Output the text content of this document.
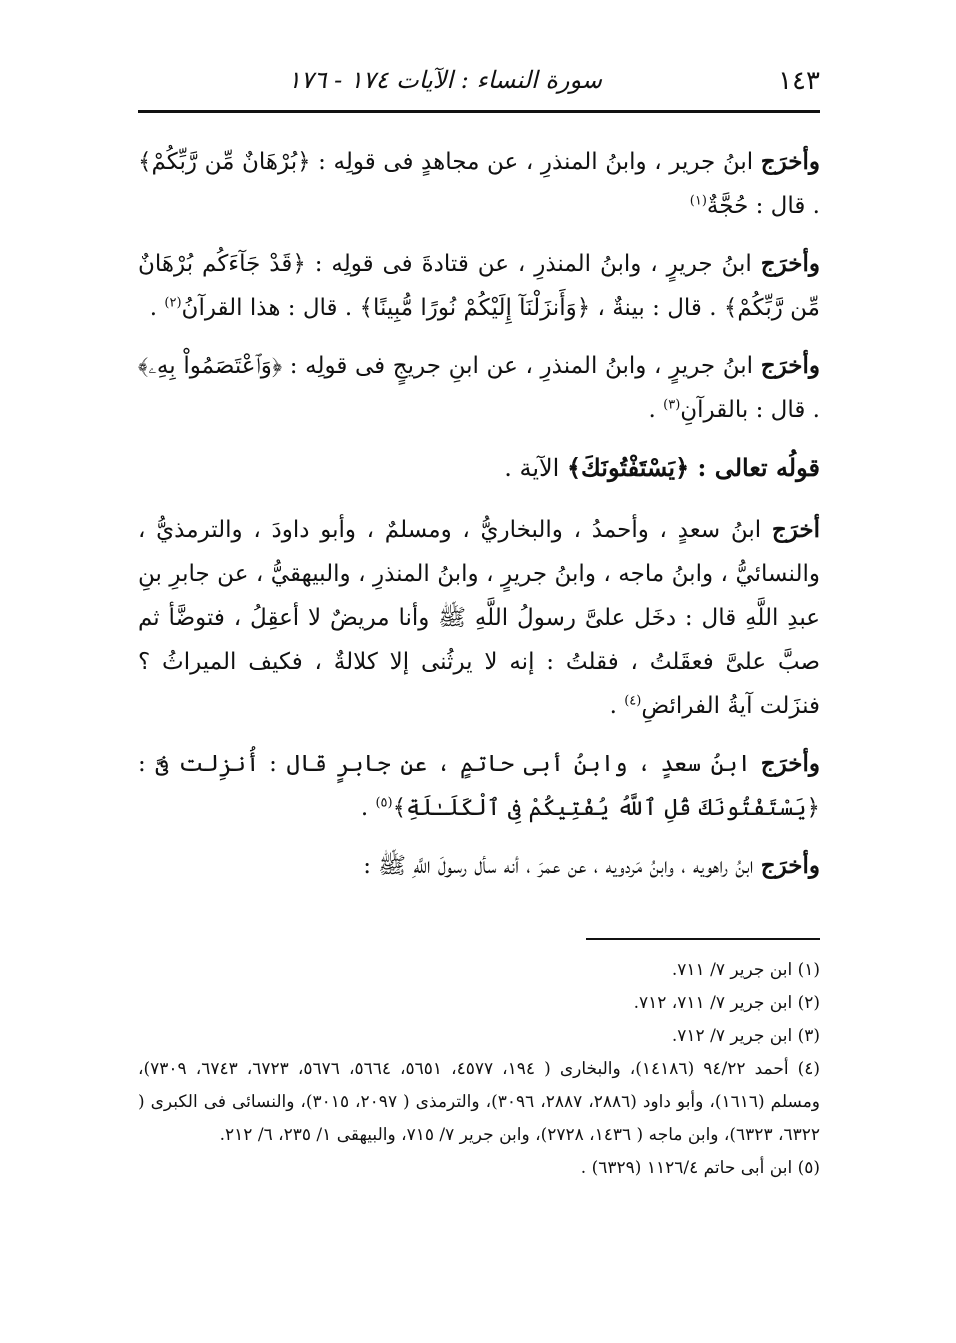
١٤٣
سورة النساء : الآيات ١٧٤ - ١٧٦

وأخرَج ابنُ جرير ، وابنُ المنذرِ ، عن مجاهدٍ فى قولِه : ﴿بُرْهَانٌ مِّن رَّبِّكُمْ﴾ . قال : حُجَّةٌ$^{(١)}$

وأخرَج ابنُ جريرٍ ، وابنُ المنذرِ ، عن قتادةَ فى قولِه : ﴿قَدْ جَآءَكُم بُرْهَانٌ مِّن رَّبِّكُمْ﴾ . قال : بينةٌ ، ﴿وَأَنزَلْنَآ إِلَيْكُمْ نُورًا مُّبِينًا﴾ . قال : هذا القرآنُ$^{(٢)}$ .

وأخرَج ابنُ جريرٍ ، وابنُ المنذرِ ، عن ابنِ جريجٍ فى قولِه : ﴿وَٱعْتَصَمُواْ بِهِۦ﴾ . قال : بالقرآنِ$^{(٣)}$ .

قولُه تعالى : ﴿يَسْتَفْتُونَكَ﴾ الآية .

أخرَج ابنُ سعدٍ ، وأحمدُ ، والبخاريُّ ، ومسلمٌ ، وأبو داودَ ، والترمذيُّ ، والنسائيُّ ، وابنُ ماجه ، وابنُ جريرٍ ، وابنُ المنذرِ ، والبيهقيُّ ، عن جابرِ بنِ عبدِ اللَّهِ قال : دخَل علىَّ رسولُ اللَّهِ ﷺ وأنا مريضٌ لا أعقِلُ ، فتوضَّأ ثم صبَّ علىَّ فعقَلتُ ، فقلتُ : إنه لا يرثُنى إلا كلالةٌ ، فكيف الميراثُ ؟ فنزَلت آيةُ الفرائضِ$^{(٤)}$ .

وأخرَج ابنُ سعدٍ ، وابنُ أبى حاتمٍ ، عن جابرٍ قال : أُنزِلت فىَّ : ﴿يَسْتَفْتُونَكَ قُلِ ٱللَّهُ يُفْتِيكُمْ فِى ٱلْكَلَـٰلَةِ﴾$^{(٥)}$ .

وأخرَج ابنُ راهويه ، وابنُ مَردويه ، عن عمرَ ، أنه سأل رسولَ اللَّهِ ﷺ :

(١) ابن جرير ٧/ ٧١١.

(٢) ابن جرير ٧/ ٧١١، ٧١٢.

(٣) ابن جرير ٧/ ٧١٢.

(٤) أحمد ٩٤/٢٢ (١٤١٨٦)، والبخارى ( ١٩٤، ٤٥٧٧، ٥٦٥١، ٥٦٦٤، ٥٦٧٦، ٦٧٢٣، ٦٧٤٣، ٧٣٠٩)، ومسلم (١٦١٦)، وأبو داود (٢٨٨٦، ٢٨٨٧، ٣٠٩٦)، والترمذى ( ٢٠٩٧، ٣٠١٥)، والنسائى فى الكبرى ( ٦٣٢٢، ٦٣٢٣)، وابن ماجه ( ١٤٣٦، ٢٧٢٨)، وابن جرير ٧/ ٧١٥، والبيهقى ١/ ٢٣٥، ٦/ ٢١٢.

(٥) ابن أبى حاتم ١١٢٦/٤ (٦٣٢٩) .
